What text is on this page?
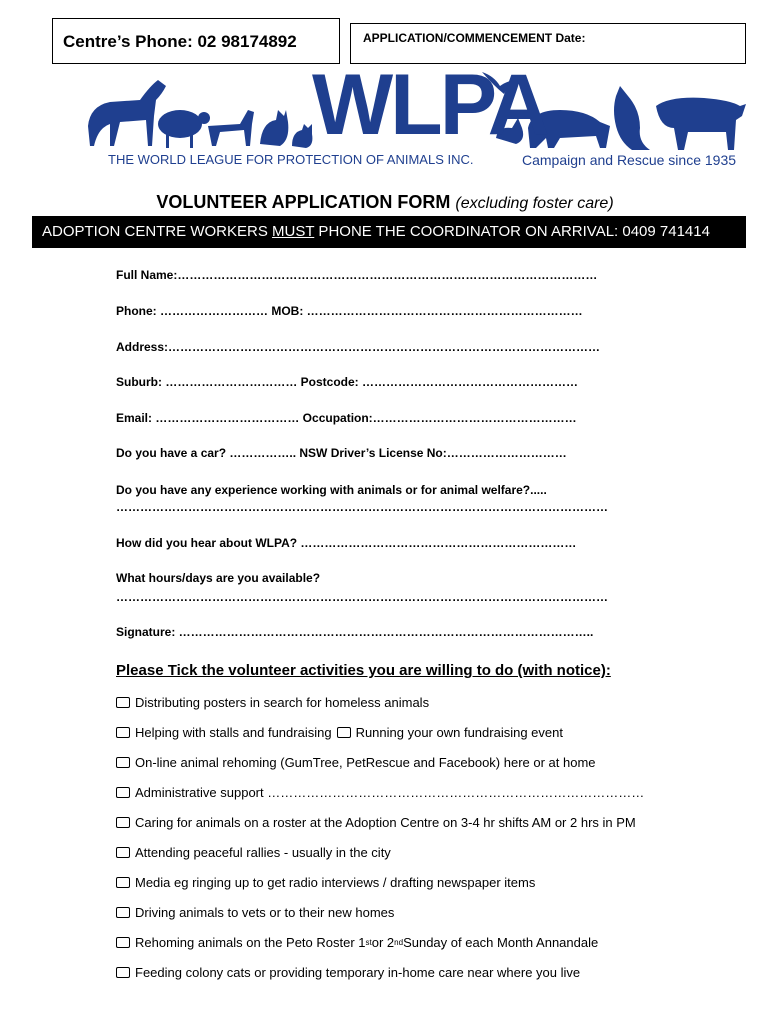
Centre’s Phone: 02 98174892	APPLICATION/COMMENCEMENT Date:
WLPA
THE WORLD LEAGUE FOR PROTECTION OF ANIMALS INC.	Campaign and Rescue since 1935
VOLUNTEER APPLICATION FORM (excluding foster care)
ADOPTION CENTRE WORKERS MUST PHONE THE COORDINATOR ON ARRIVAL: 0409 741414
Full Name:……………………………………………………………………………………………
Phone: ……………………… MOB: ……………………………………………………………
Address:………………………………………………………………………………………………
Suburb: …………………………… Postcode: ………………………………………………
Email: ……………………………… Occupation:……………………………………………
Do you have a car? …………….. NSW Driver’s License No:…………………………
Do you have any experience working with animals or for animal welfare?.....
……………………………………………………………………………………………………………
How did you hear about WLPA? ……………………………………………………………
What hours/days are you available?
……………………………………………………………………………………………………………
Signature: …………………………………………………………………………………………..
Please Tick the volunteer activities you are willing to do (with notice):
Distributing posters in search for homeless animals
Helping with stalls and fundraising Running your own fundraising event
On-line animal rehoming (GumTree, PetRescue and Facebook) here or at home
Administrative support ……………………………………………………………………………
Caring for animals on a roster at the Adoption Centre on 3-4 hr shifts AM or 2 hrs in PM
Attending peaceful rallies - usually in the city
Media eg ringing up to get radio interviews / drafting newspaper items
Driving animals to vets or to their new homes
Rehoming animals on the Peto Roster 1 st or 2 nd Sunday of each Month Annandale
Feeding colony cats or providing temporary in-home care near where you live
